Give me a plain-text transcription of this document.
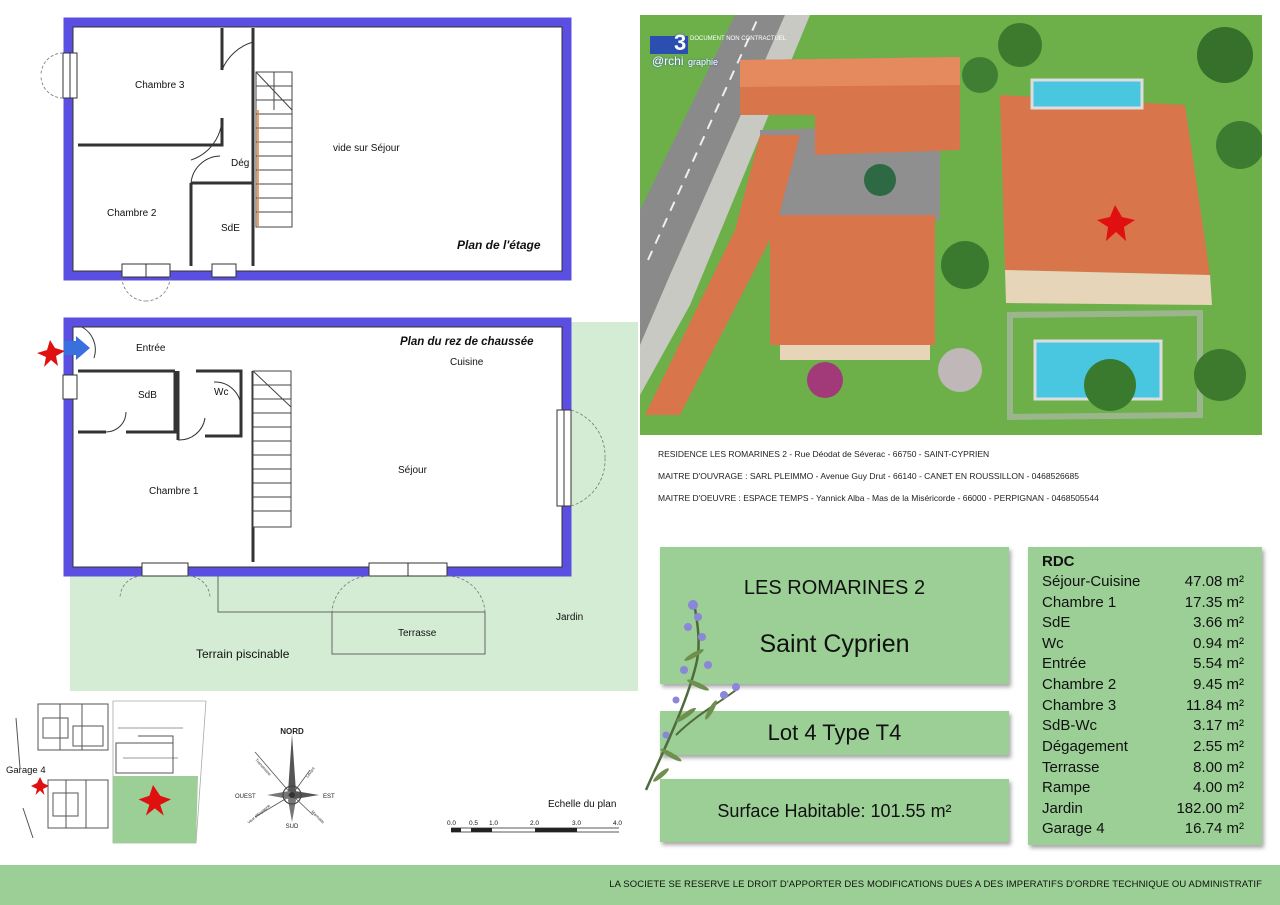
Plan de l'étage
Chambre 3
Chambre 2
Dég
SdE
vide sur Séjour
Plan du rez de chaussée
Entrée
SdB	Wc
Cuisine
Séjour
Chambre 1
Terrasse
Jardin
Terrain piscinable
Garage 4
NORD
SUD
EST
OUEST
Tramontane	Levant
Marinade
Vent d'Espagne	Echelle du plan
0.0 0.5 1.0	2.0	3.0	4.0
3 DOCUMENT NON CONTRACTUEL
@rchi graphie
RESIDENCE LES ROMARINES 2 - Rue Déodat de Séverac - 66750 - SAINT-CYPRIEN
MAITRE D'OUVRAGE : SARL PLEIMMO - Avenue Guy Drut - 66140 - CANET EN ROUSSILLON - 0468526685
MAITRE D'OEUVRE : ESPACE TEMPS - Yannick Alba - Mas de la Miséricorde - 66000 - PERPIGNAN - 0468505544
LES ROMARINES 2
Saint Cyprien
Lot 4 Type T4
Surface Habitable: 101.55 m²
RDC
Séjour-Cuisine	47.08 m²
Chambre 1	17.35 m²
SdE	3.66 m²
Wc	0.94 m²
Entrée	5.54 m²
Chambre 2	9.45 m²
Chambre 3	11.84 m²
SdB-Wc	3.17 m²
Dégagement	2.55 m²
Terrasse	8.00 m²
Rampe	4.00 m²
Jardin	182.00 m²
Garage 4	16.74 m²
LA SOCIETE SE RESERVE LE DROIT D'APPORTER DES MODIFICATIONS DUES A DES IMPERATIFS D'ORDRE TECHNIQUE OU ADMINISTRATIF
